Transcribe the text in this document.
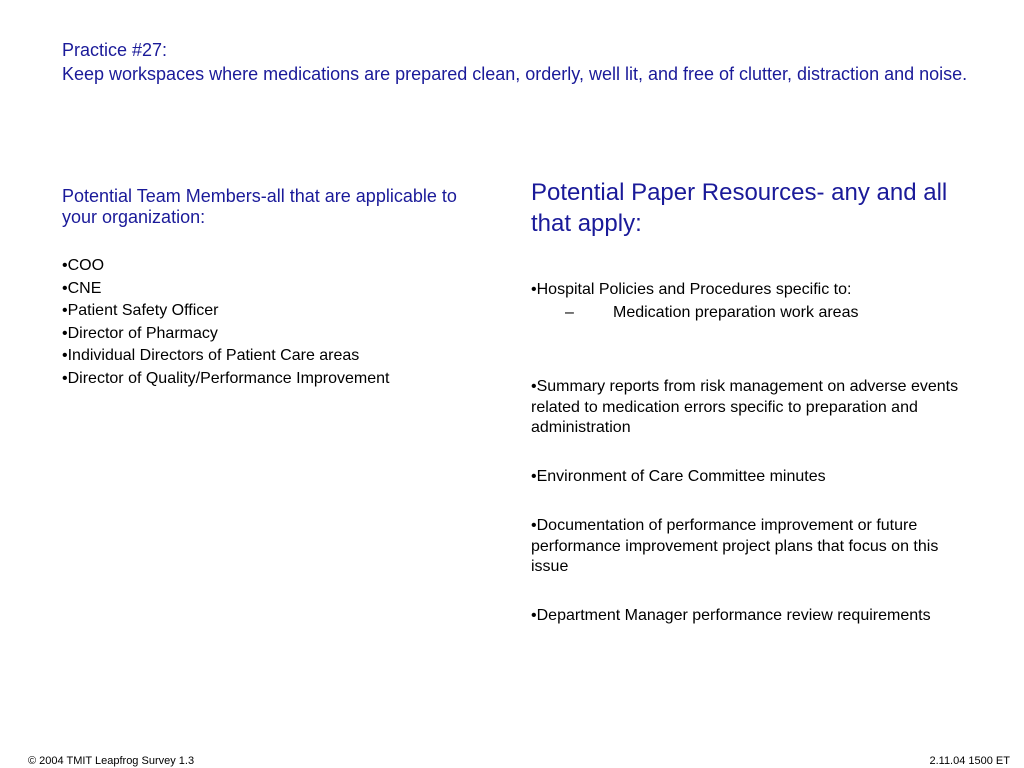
Practice #27:
Keep workspaces where medications are prepared clean, orderly, well lit, and free of clutter, distraction and noise.
Potential Team Members-all that are applicable to your organization:
• COO
• CNE
• Patient Safety Officer
• Director of Pharmacy
• Individual Directors of Patient Care areas
• Director of Quality/Performance Improvement
Potential Paper Resources- any and all that apply:
• Hospital Policies and Procedures specific to:
– Medication preparation work areas
• Summary reports from risk management on adverse events related to medication errors specific to preparation and administration
• Environment of Care Committee minutes
• Documentation of performance improvement or future performance improvement project plans that focus on this issue
• Department Manager performance review requirements
© 2004 TMIT Leapfrog Survey 1.3	2.11.04 1500 ET
